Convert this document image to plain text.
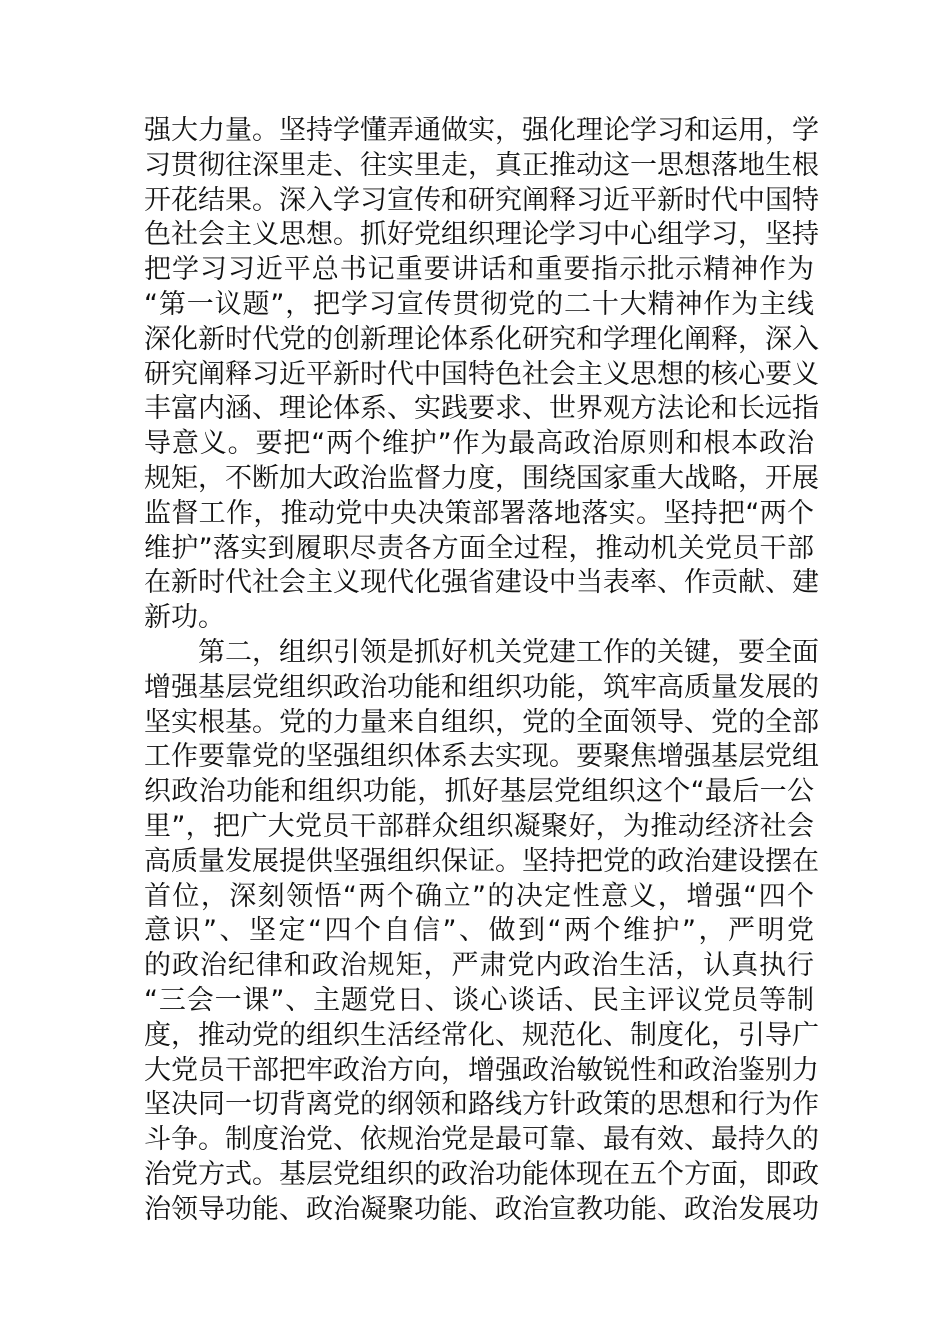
强大力量。坚持学懂弄通做实，强化理论学习和运用，学
习贯彻往深里走、往实里走，真正推动这一思想落地生根
开花结果。深入学习宣传和研究阐释习近平新时代中国特
色社会主义思想。抓好党组织理论学习中心组学习，坚持
把学习习近平总书记重要讲话和重要指示批示精神作为
“第一议题”，把学习宣传贯彻党的二十大精神作为主线
深化新时代党的创新理论体系化研究和学理化阐释，深入
研究阐释习近平新时代中国特色社会主义思想的核心要义
丰富内涵、理论体系、实践要求、世界观方法论和长远指
导意义。要把“两个维护”作为最高政治原则和根本政治
规矩，不断加大政治监督力度，围绕国家重大战略，开展
监督工作，推动党中央决策部署落地落实。坚持把“两个
维护”落实到履职尽责各方面全过程，推动机关党员干部
在新时代社会主义现代化强省建设中当表率、作贡献、建
新功。
第二，组织引领是抓好机关党建工作的关键，要全面
增强基层党组织政治功能和组织功能，筑牢高质量发展的
坚实根基。党的力量来自组织，党的全面领导、党的全部
工作要靠党的坚强组织体系去实现。要聚焦增强基层党组
织政治功能和组织功能，抓好基层党组织这个“最后一公
里”，把广大党员干部群众组织凝聚好，为推动经济社会
高质量发展提供坚强组织保证。坚持把党的政治建设摆在
首位，深刻领悟“两个确立”的决定性意义，增强“四个
意识”、坚定“四个自信”、做到“两个维护”，严明党
的政治纪律和政治规矩，严肃党内政治生活，认真执行
“三会一课”、主题党日、谈心谈话、民主评议党员等制
度，推动党的组织生活经常化、规范化、制度化，引导广
大党员干部把牢政治方向，增强政治敏锐性和政治鉴别力
坚决同一切背离党的纲领和路线方针政策的思想和行为作
斗争。制度治党、依规治党是最可靠、最有效、最持久的
治党方式。基层党组织的政治功能体现在五个方面，即政
治领导功能、政治凝聚功能、政治宣教功能、政治发展功
